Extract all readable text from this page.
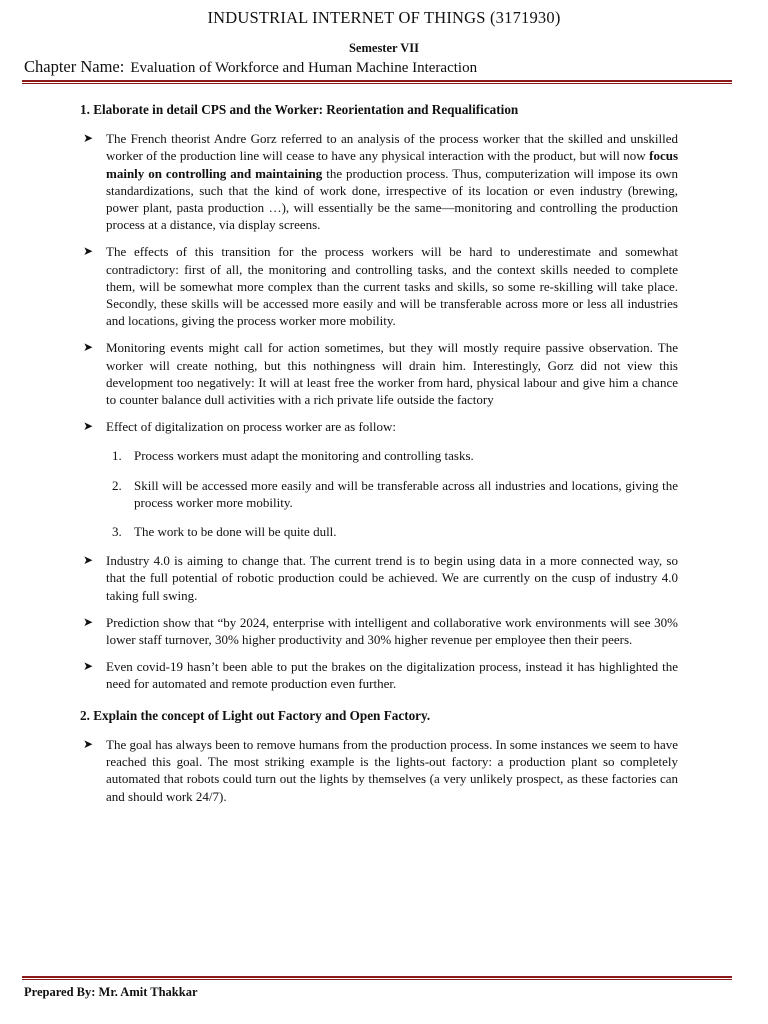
INDUSTRIAL INTERNET OF THINGS (3171930)
Semester VII
Chapter Name: Evaluation of Workforce and Human Machine Interaction
1. Elaborate in detail CPS and the Worker: Reorientation and Requalification
➤ The French theorist Andre Gorz referred to an analysis of the process worker that the skilled and unskilled worker of the production line will cease to have any physical interaction with the product, but will now focus mainly on controlling and maintaining the production process. Thus, computerization will impose its own standardizations, such that the kind of work done, irrespective of its location or even industry (brewing, power plant, pasta production …), will essentially be the same—monitoring and controlling the production process at a distance, via display screens.
➤ The effects of this transition for the process workers will be hard to underestimate and somewhat contradictory: first of all, the monitoring and controlling tasks, and the context skills needed to complete them, will be somewhat more complex than the current tasks and skills, so some re-skilling will take place. Secondly, these skills will be accessed more easily and will be transferable across more or less all industries and locations, giving the process worker more mobility.
➤ Monitoring events might call for action sometimes, but they will mostly require passive observation. The worker will create nothing, but this nothingness will drain him. Interestingly, Gorz did not view this development too negatively: It will at least free the worker from hard, physical labour and give him a chance to counter balance dull activities with a rich private life outside the factory
➤ Effect of digitalization on process worker are as follow:
1. Process workers must adapt the monitoring and controlling tasks.
2. Skill will be accessed more easily and will be transferable across all industries and locations, giving the process worker more mobility.
3. The work to be done will be quite dull.
➤ Industry 4.0 is aiming to change that. The current trend is to begin using data in a more connected way, so that the full potential of robotic production could be achieved. We are currently on the cusp of industry 4.0 taking full swing.
➤ Prediction show that “by 2024, enterprise with intelligent and collaborative work environments will see 30% lower staff turnover, 30% higher productivity and 30% higher revenue per employee then their peers.
➤ Even covid-19 hasn’t been able to put the brakes on the digitalization process, instead it has highlighted the need for automated and remote production even further.
2. Explain the concept of Light out Factory and Open Factory.
➤ The goal has always been to remove humans from the production process. In some instances we seem to have reached this goal. The most striking example is the lights-out factory: a production plant so completely automated that robots could turn out the lights by themselves (a very unlikely prospect, as these factories can and should work 24/7).
Prepared By: Mr. Amit Thakkar
